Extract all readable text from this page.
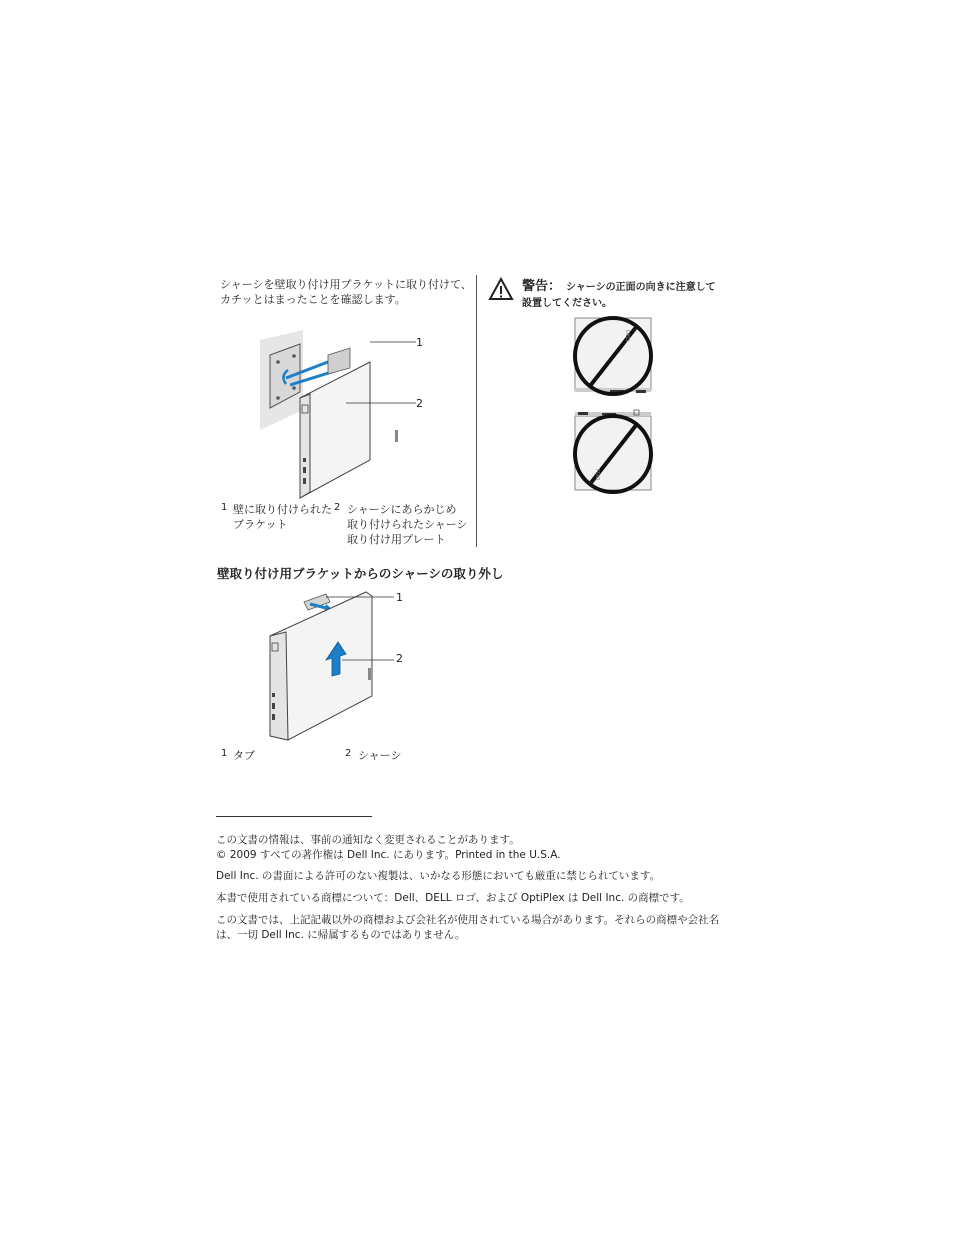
シャーシを壁取り付け用ブラケットに取り付けて、
カチッとはまったことを確認します。
1
2
1 壁に取り付けられた
ブラケット
2 シャーシにあらかじめ
取り付けられたシャーシ
取り付け用プレート
警告： シャーシの正面の向きに注意して
設置してください。
DELL
DELL
壁取り付け用ブラケットからのシャーシの取り外し
1
2
1 タブ	2 シャーシ
この文書の情報は、事前の通知なく変更されることがあります。
© 2009 すべての著作権は Dell Inc. にあります。Printed in the U.S.A.
Dell Inc. の書面による許可のない複製は、いかなる形態においても厳重に禁じられています。
本書で使用されている商標について：Dell、DELL ロゴ、および OptiPlex は Dell Inc. の商標です。
この文書では、上記記載以外の商標および会社名が使用されている場合があります。それらの商標や会社名
は、一切 Dell Inc. に帰属するものではありません。
